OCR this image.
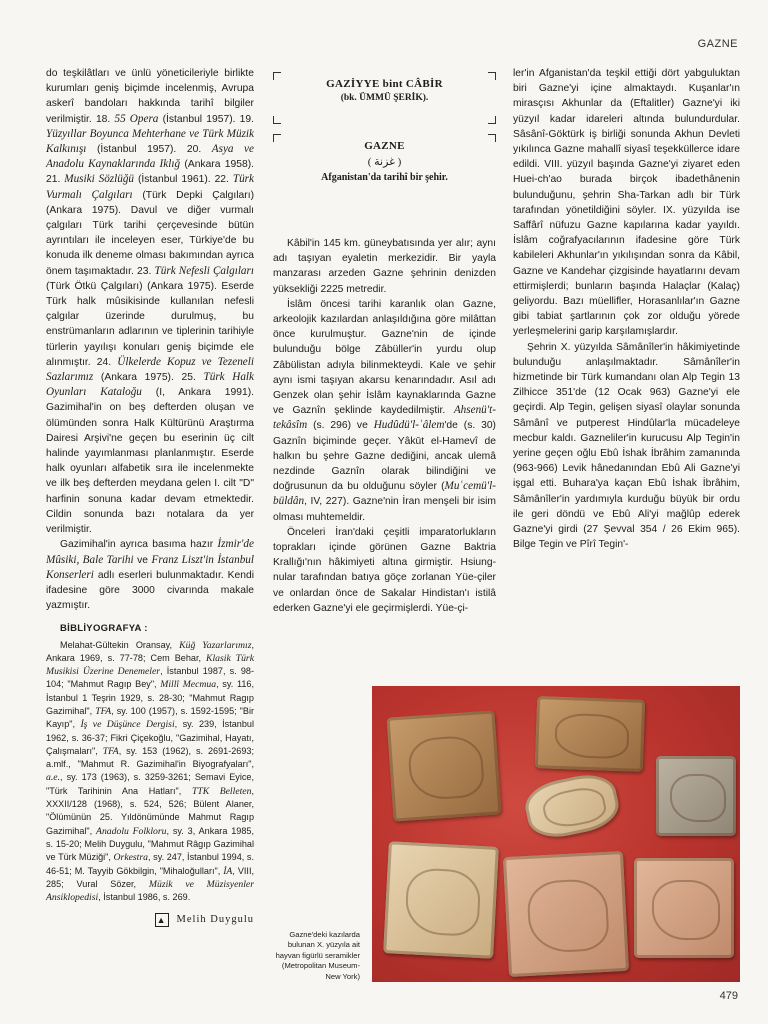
GAZNE

do teşkilâtları ve ünlü yöneticileriyle birlikte kurumları geniş biçimde incelenmiş, Avrupa askerî bandoları hakkında tarihî bilgiler verilmiştir. 18. 55 Opera (İstanbul 1957). 19. Yüzyıllar Boyunca Mehterhane ve Türk Müzik Kalkınışı (İstanbul 1957). 20. Asya ve Anadolu Kaynaklarında Iklığ (Ankara 1958). 21. Musiki Sözlüğü (İstanbul 1961). 22. Türk Vurmalı Çalgıları (Türk Depki Çalgıları) (Ankara 1975). Davul ve diğer vurmalı çalgıları Türk tarihi çerçevesinde bütün ayrıntıları ile inceleyen eser, Türkiye'de bu konuda ilk deneme olması bakımından ayrıca önem taşımaktadır. 23. Türk Nefesli Çalgıları (Türk Ötkü Çalgıları) (Ankara 1975). Eserde Türk halk mûsikisinde kullanılan nefesli çalgılar üzerinde durulmuş, bu enstrümanların adlarının ve tiplerinin tarihiyle türlerin yayılışı konuları geniş biçimde ele alınmıştır. 24. Ülkelerde Kopuz ve Tezeneli Sazlarımız (Ankara 1975). 25. Türk Halk Oyunları Kataloğu (I, Ankara 1991). Gazimihal'in on beş defterden oluşan ve ölümünden sonra Halk Kültürünü Araştırma Dairesi Arşivi'ne geçen bu eserinin üç cilt halinde yayımlanması planlanmıştır. Eserde halk oyunları alfabetik sıra ile incelenmekte ve ilk beş defterden meydana gelen I. cilt "D" harfinin sonuna kadar devam etmektedir. Cildin sonunda bazı notalara da yer verilmiştir.

Gazimihal'in ayrıca basıma hazır İzmir'de Mûsiki, Bale Tarihi ve Franz Liszt'in İstanbul Konserleri adlı eserleri bulunmaktadır. Kendi ifadesine göre 3000 civarında makale yazmıştır.

BİBLİYOGRAFYA :

Melahat-Gültekin Oransay, Küğ Yazarlarımız, Ankara 1969, s. 77-78; Cem Behar, Klasik Türk Musikisi Üzerine Denemeler, İstanbul 1987, s. 98-104; "Mahmut Ragıp Bey", Millî Mecmua, sy. 116, İstanbul 1 Teşrin 1929, s. 28-30; "Mahmut Ragıp Gazimihal", TFA, sy. 100 (1957), s. 1592-1595; "Bir Kayıp", İş ve Düşünce Dergisi, sy. 239, İstanbul 1962, s. 36-37; Fikri Çiçekoğlu, "Gazimihal, Hayatı, Çalışmaları", TFA, sy. 153 (1962), s. 2691-2693; a.mlf., "Mahmut R. Gazimihal'in Biyografyaları", a.e., sy. 173 (1963), s. 3259-3261; Semavi Eyice, "Türk Tarihinin Ana Hatları", TTK Belleten, XXXII/128 (1968), s. 524, 526; Bülent Alaner, "Ölümünün 25. Yıldönümünde Mahmut Ragıp Gazimihal", Anadolu Folkloru, sy. 3, Ankara 1985, s. 15-20; Melih Duygulu, "Mahmut Râgıp Gazimihal ve Türk Müziği", Orkestra, sy. 247, İstanbul 1994, s. 46-51; M. Tayyib Gökbilgin, "Mihaloğulları", İA, VIII, 285; Vural Sözer, Müzik ve Müzisyenler Ansiklopedisi, İstanbul 1986, s. 269.

▲ Melih Duygulu
GAZİYYE bint CÂBİR
(bk. ÜMMÜ ŞERİK).
GAZNE
( غزنة )
Afganistan'da tarihî bir şehir.

Kâbil'in 145 km. güneybatısında yer alır; aynı adı taşıyan eyaletin merkezidir. Bir yayla manzarası arzeden Gazne şehrinin denizden yüksekliği 2225 metredir.

İslâm öncesi tarihi karanlık olan Gazne, arkeolojik kazılardan anlaşıldığına göre milâttan önce kurulmuştur. Gazne'nin de içinde bulunduğu bölge Zâbüller'in yurdu olup Zâbülistan adıyla bilinmekteydi. Kale ve şehir aynı ismi taşıyan akarsu kenarındadır. Asıl adı Genzek olan şehir İslâm kaynaklarında Gazne ve Gaznîn şeklinde kaydedilmiştir. Ahsenü't-tekâsîm (s. 296) ve Hudûdü'l-ʿâlem'de (s. 30) Gaznîn biçiminde geçer. Yâkūt el-Hamevî de halkın bu şehre Gazne dediğini, ancak ulemâ nezdinde Gaznîn olarak bilindiğini ve doğrusunun da bu olduğunu söyler (Muʿcemü'l-büldân, IV, 227). Gazne'nin İran menşeli bir isim olması muhtemeldir.

Önceleri İran'daki çeşitli imparatorlukların toprakları içinde görünen Gazne Baktria Krallığı'nın hâkimiyeti altına girmiştir. Hsiung-nular tarafından batıya göçe zorlanan Yüe-çiler ve onlardan önce de Sakalar Hindistan'ı istilâ ederken Gazne'yi ele geçirmişlerdi. Yüe-çi-

ler'in Afganistan'da teşkil ettiği dört yabguluktan biri Gazne'yi içine almaktaydı. Kuşanlar'ın mirasçısı Akhunlar da (Eftalitler) Gazne'yi iki yüzyıl kadar idareleri altında bulundurdular. Sâsânî-Göktürk iş birliği sonunda Akhun Devleti yıkılınca Gazne mahallî siyasî teşekküllerce idare edildi. VIII. yüzyıl başında Gazne'yi ziyaret eden Huei-ch'ao burada birçok ibadethânenin bulunduğunu, şehrin Sha-Tarkan adlı bir Türk tarafından yönetildiğini söyler. IX. yüzyılda ise Saffârî nüfuzu Gazne kapılarına kadar yayıldı. İslâm coğrafyacılarının ifadesine göre Türk kabileleri Akhunlar'ın yıkılışından sonra da Kâbil, Gazne ve Kandehar çizgisinde hayatlarını devam ettirmişlerdi; bunların başında Halaçlar (Kalaç) geliyordu. Bazı müellifler, Horasanlılar'ın Gazne gibi tabiat şartlarının çok zor olduğu yörede yerleşmelerini garip karşılamışlardır.

Şehrin X. yüzyılda Sâmânîler'in hâkimiyetinde bulunduğu anlaşılmaktadır. Sâmânîler'in hizmetinde bir Türk kumandanı olan Alp Tegin 13 Zilhicce 351'de (12 Ocak 963) Gazne'yi ele geçirdi. Alp Tegin, gelişen siyasî olaylar sonunda Sâmânî ve putperest Hindûlar'la mücadeleye mecbur kaldı. Gazneliler'in kurucusu Alp Tegin'in yerine geçen oğlu Ebû İshak İbrâhim zamanında (963-966) Levik hânedanından Ebû Ali Gazne'yi işgal etti. Buhara'ya kaçan Ebû İshak İbrâhim, Sâmânîler'in yardımıyla kurduğu büyük bir ordu ile geri döndü ve Ebû Ali'yi mağlûp ederek Gazne'yi girdi (27 Şevval 354 / 26 Ekim 965). Bilge Tegin ve Pîrî Tegin'-

Gazne'deki kazılarda bulunan X. yüzyıla ait hayvan figürlü seramikler (Metropolitan Museum-New York)
479
